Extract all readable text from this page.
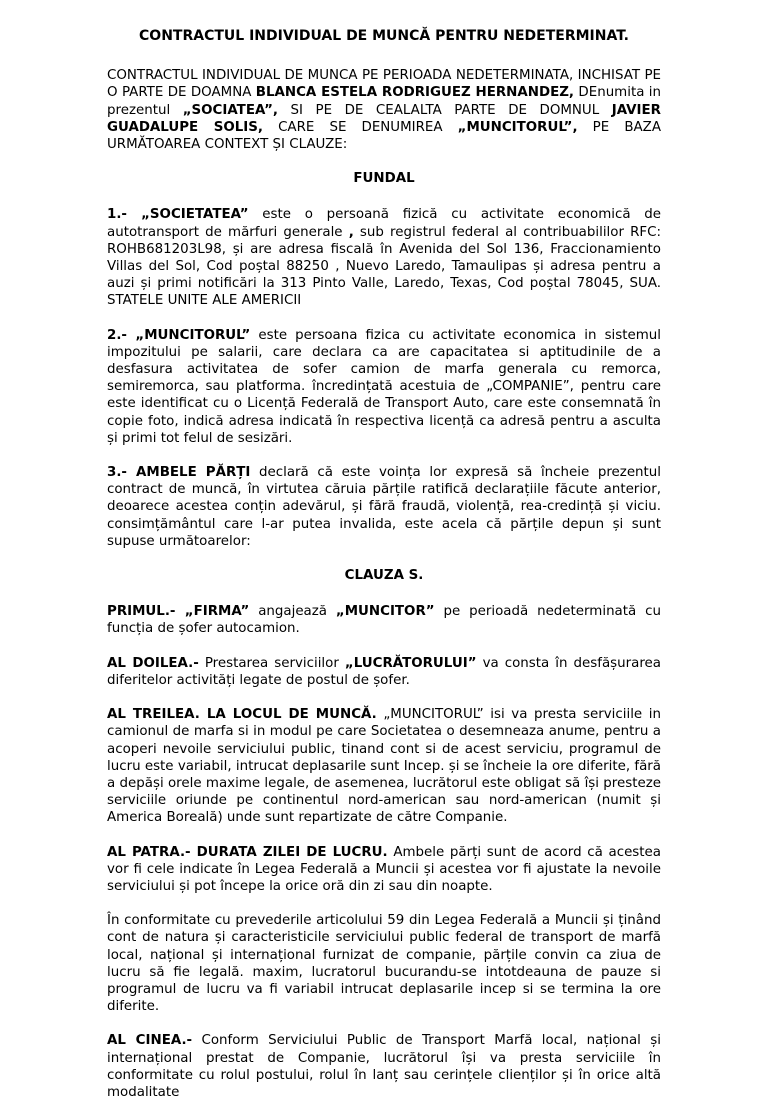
CONTRACTUL INDIVIDUAL DE MUNCĂ PENTRU NEDETERMINAT.

CONTRACTUL INDIVIDUAL DE MUNCA PE PERIOADA NEDETERMINATA, INCHISAT PE O PARTE DE DOAMNA BLANCA ESTELA RODRIGUEZ HERNANDEZ, DEnumita in prezentul „SOCIATEA”, SI PE DE CEALALTA PARTE DE DOMNUL JAVIER GUADALUPE SOLIS, CARE SE DENUMIREA „MUNCITORUL”, PE BAZA URMĂTOAREA CONTEXT ȘI CLAUZE:

FUNDAL

1.- „SOCIETATEA” este o persoană fizică cu activitate economică de autotransport de mărfuri generale , sub registrul federal al contribuabililor RFC: ROHB681203L98, și are adresa fiscală în Avenida del Sol 136, Fraccionamiento Villas del Sol, Cod poștal 88250 , Nuevo Laredo, Tamaulipas și adresa pentru a auzi și primi notificări la 313 Pinto Valle, Laredo, Texas, Cod poștal 78045, SUA. STATELE UNITE ALE AMERICII

2.- „MUNCITORUL” este persoana fizica cu activitate economica in sistemul impozitului pe salarii, care declara ca are capacitatea si aptitudinile de a desfasura activitatea de sofer camion de marfa generala cu remorca, semiremorca, sau platforma. încredințată acestuia de „COMPANIE”, pentru care este identificat cu o Licență Federală de Transport Auto, care este consemnată în copie foto, indică adresa indicată în respectiva licență ca adresă pentru a asculta și primi tot felul de sesizări.

3.- AMBELE PĂRȚI declară că este voința lor expresă să încheie prezentul contract de muncă, în virtutea căruia părțile ratifică declarațiile făcute anterior, deoarece acestea conțin adevărul, și fără fraudă, violență, rea-credință și viciu. consimțământul care l-ar putea invalida, este acela că părțile depun și sunt supuse următoarelor:

CLAUZA S.

PRIMUL.- „FIRMA” angajează „MUNCITOR” pe perioadă nedeterminată cu funcția de șofer autocamion.

AL DOILEA.- Prestarea serviciilor „LUCRĂTORULUI” va consta în desfășurarea diferitelor activități legate de postul de șofer.

AL TREILEA. LA LOCUL DE MUNCĂ. „MUNCITORUL” isi va presta serviciile in camionul de marfa si in modul pe care Societatea o desemneaza anume, pentru a acoperi nevoile serviciului public, tinand cont si de acest serviciu, programul de lucru este variabil, intrucat deplasarile sunt Incep. și se încheie la ore diferite, fără a depăși orele maxime legale, de asemenea, lucrătorul este obligat să își presteze serviciile oriunde pe continentul nord-american sau nord-american (numit și America Boreală) unde sunt repartizate de către Companie.

AL PATRA.- DURATA ZILEI DE LUCRU. Ambele părți sunt de acord că acestea vor fi cele indicate în Legea Federală a Muncii și acestea vor fi ajustate la nevoile serviciului și pot începe la orice oră din zi sau din noapte.

În conformitate cu prevederile articolului 59 din Legea Federală a Muncii și ținând cont de natura și caracteristicile serviciului public federal de transport de marfă local, național și internațional furnizat de companie, părțile convin ca ziua de lucru să fie legală. maxim, lucratorul bucurandu-se intotdeauna de pauze si programul de lucru va fi variabil intrucat deplasarile incep si se termina la ore diferite.

AL CINEA.- Conform Serviciului Public de Transport Marfă local, național și internațional prestat de Companie, lucrătorul își va presta serviciile în conformitate cu rolul postului, rolul în lanț sau cerințele clienților și în orice altă modalitate
